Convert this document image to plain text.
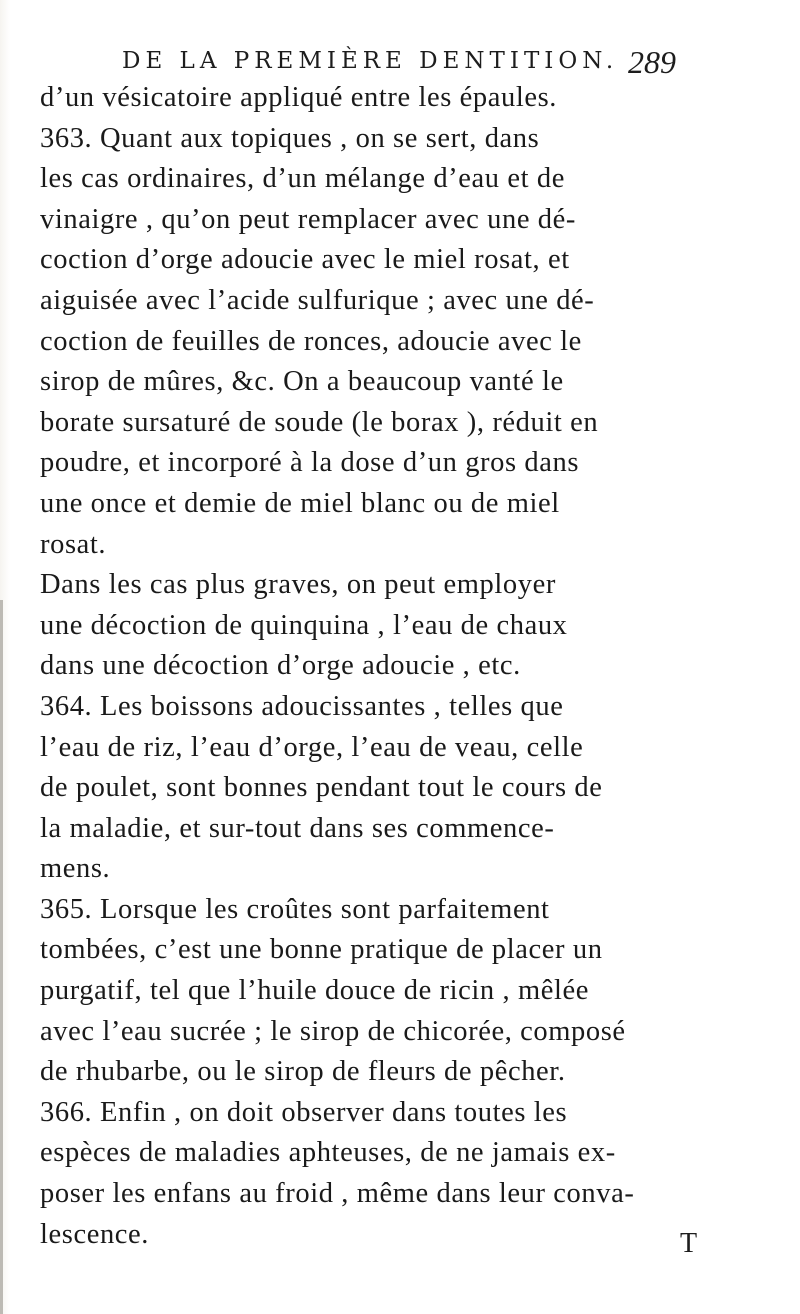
DE LA PREMIÈRE DENTITION. 289
d’un vésicatoire appliqué entre les épaules.
363. Quant aux topiques , on se sert, dans
les cas ordinaires, d’un mélange d’eau et de
vinaigre , qu’on peut remplacer avec une dé-
coction d’orge adoucie avec le miel rosat, et
aiguisée avec l’acide sulfurique ; avec une dé-
coction de feuilles de ronces, adoucie avec le
sirop de mûres, &c. On a beaucoup vanté le
borate sursaturé de soude (le borax ), réduit en
poudre, et incorporé à la dose d’un gros dans
une once et demie de miel blanc ou de miel
rosat.
Dans les cas plus graves, on peut employer
une décoction de quinquina , l’eau de chaux
dans une décoction d’orge adoucie , etc.
364. Les boissons adoucissantes , telles que
l’eau de riz, l’eau d’orge, l’eau de veau, celle
de poulet, sont bonnes pendant tout le cours de
la maladie, et sur-tout dans ses commence-
mens.
365. Lorsque les croûtes sont parfaitement
tombées, c’est une bonne pratique de placer un
purgatif, tel que l’huile douce de ricin , mêlée
avec l’eau sucrée ; le sirop de chicorée, composé
de rhubarbe, ou le sirop de fleurs de pêcher.
366. Enfin , on doit observer dans toutes les
espèces de maladies aphteuses, de ne jamais ex-
poser les enfans au froid , même dans leur conva-
lescence.	T
